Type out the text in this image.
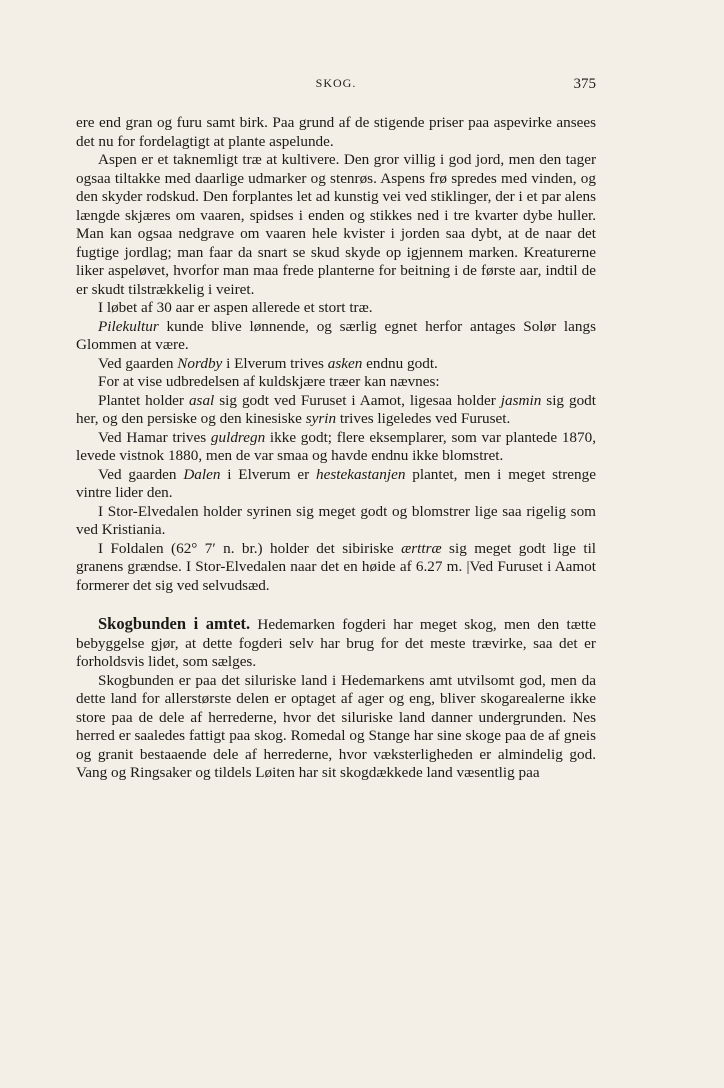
SKOG.	375

ere end gran og furu samt birk. Paa grund af de stigende priser paa aspevirke ansees det nu for fordelagtigt at plante aspelunde.

Aspen er et taknemligt træ at kultivere. Den gror villig i god jord, men den tager ogsaa tiltakke med daarlige udmarker og stenrøs. Aspens frø spredes med vinden, og den skyder rodskud. Den forplantes let ad kunstig vei ved stiklinger, der i et par alens længde skjæres om vaaren, spidses i enden og stikkes ned i tre kvarter dybe huller. Man kan ogsaa nedgrave om vaaren hele kvister i jorden saa dybt, at de naar det fugtige jordlag; man faar da snart se skud skyde op igjennem marken. Kreaturerne liker aspeløvet, hvorfor man maa frede planterne for beitning i de første aar, indtil de er skudt tilstrækkelig i veiret.

I løbet af 30 aar er aspen allerede et stort træ.

Pilekultur kunde blive lønnende, og særlig egnet herfor antages Solør langs Glommen at være.

Ved gaarden Nordby i Elverum trives asken endnu godt.

For at vise udbredelsen af kuldskjære træer kan nævnes:

Plantet holder asal sig godt ved Furuset i Aamot, ligesaa holder jasmin sig godt her, og den persiske og den kinesiske syrin trives ligeledes ved Furuset.

Ved Hamar trives guldregn ikke godt; flere eksemplarer, som var plantede 1870, levede vistnok 1880, men de var smaa og havde endnu ikke blomstret.

Ved gaarden Dalen i Elverum er hestekastanjen plantet, men i meget strenge vintre lider den.

I Stor-Elvedalen holder syrinen sig meget godt og blomstrer lige saa rigelig som ved Kristiania.

I Foldalen (62° 7′ n. br.) holder det sibiriske ærttræ sig meget godt lige til granens grændse. I Stor-Elvedalen naar det en høide af 6.27 m. |Ved Furuset i Aamot formerer det sig ved selvudsæd.

Skogbunden i amtet. Hedemarken fogderi har meget skog, men den tætte bebyggelse gjør, at dette fogderi selv har brug for det meste trævirke, saa det er forholdsvis lidet, som sælges.

Skogbunden er paa det siluriske land i Hedemarkens amt utvilsomt god, men da dette land for allerstørste delen er optaget af ager og eng, bliver skogarealerne ikke store paa de dele af herrederne, hvor det siluriske land danner undergrunden. Nes herred er saaledes fattigt paa skog. Romedal og Stange har sine skoge paa de af gneis og granit bestaaende dele af herrederne, hvor væksterligheden er almindelig god. Vang og Ringsaker og tildels Løiten har sit skogdækkede land væsentlig paa
